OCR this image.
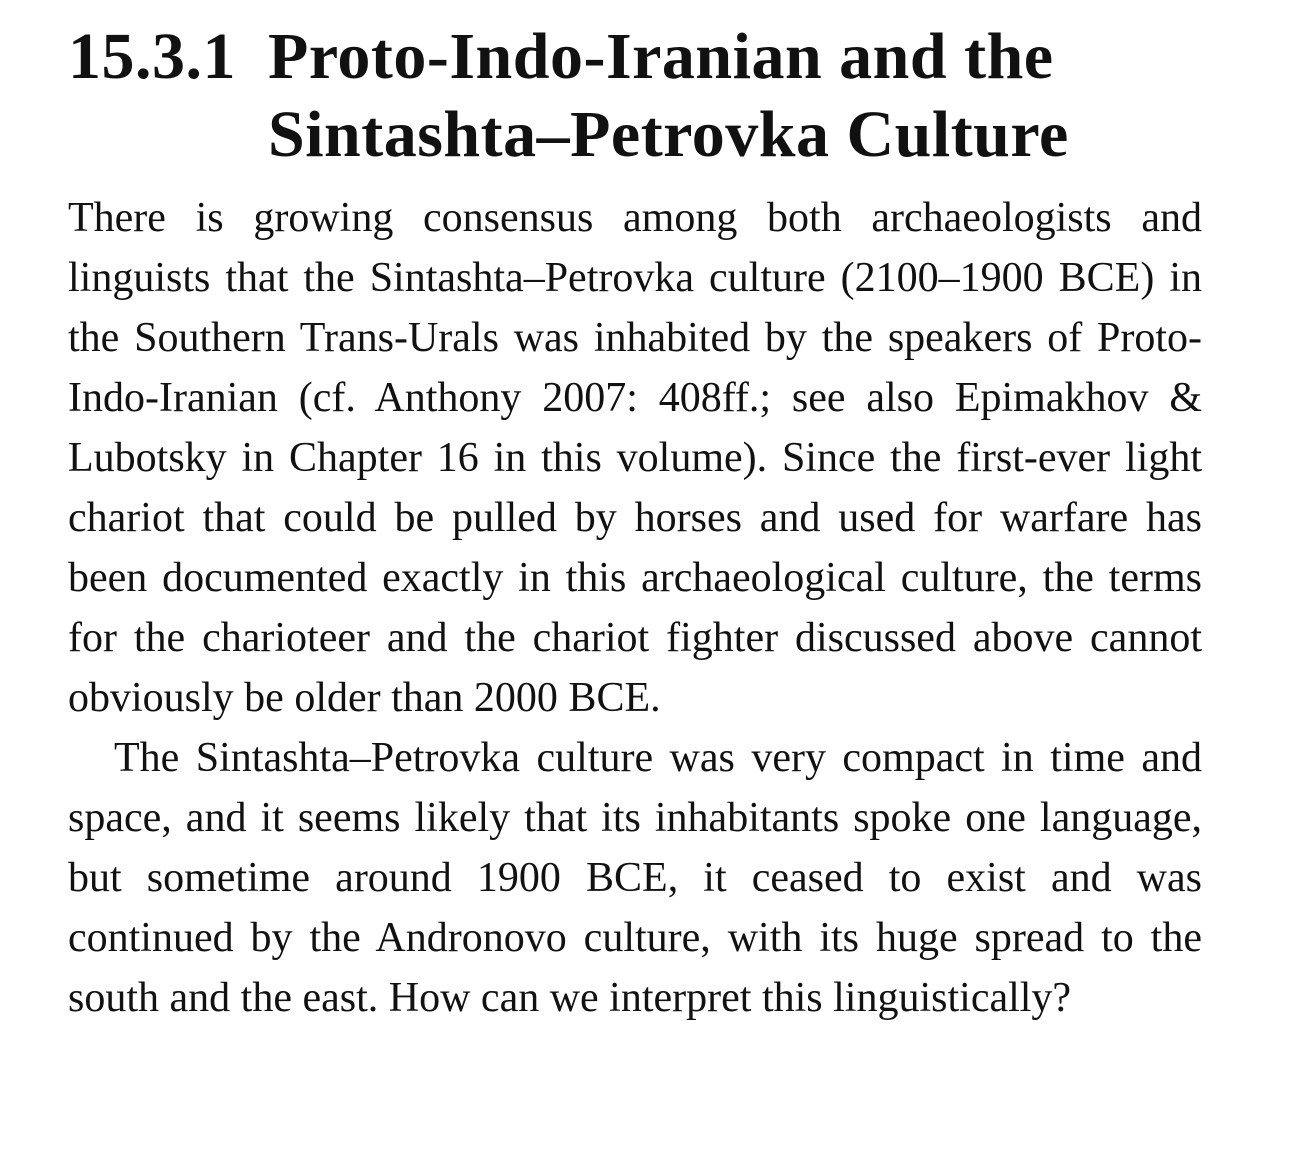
15.3.1 Proto-Indo-Iranian and the Sintashta–Petrovka Culture

There is growing consensus among both archaeologists and linguists that the Sintashta–Petrovka culture (2100–1900 BCE) in the Southern Trans-Urals was inhabited by the speakers of Proto-Indo-Iranian (cf. Anthony 2007: 408ff.; see also Epimakhov & Lubotsky in Chapter 16 in this volume). Since the first-ever light chariot that could be pulled by horses and used for warfare has been documented exactly in this archaeological culture, the terms for the charioteer and the chariot fighter discussed above cannot obviously be older than 2000 BCE.

The Sintashta–Petrovka culture was very compact in time and space, and it seems likely that its inhabitants spoke one language, but sometime around 1900 BCE, it ceased to exist and was continued by the Andronovo culture, with its huge spread to the south and the east. How can we interpret this linguistically?
